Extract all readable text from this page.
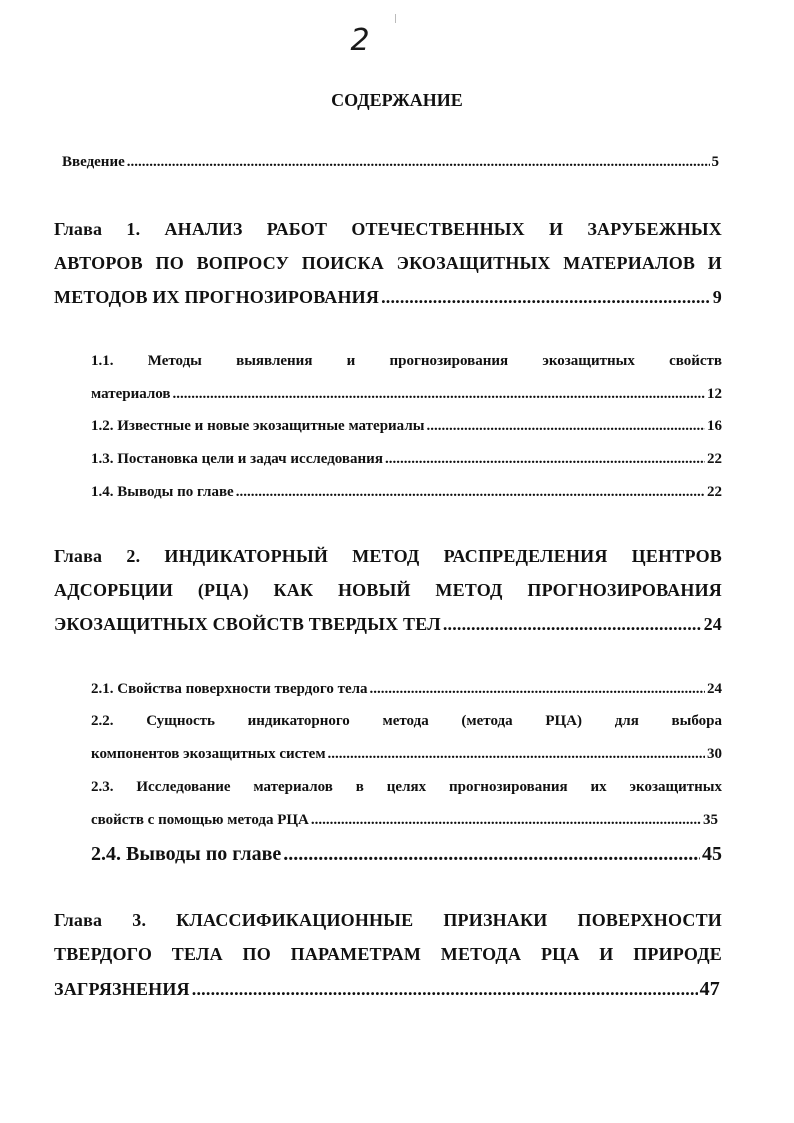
2
СОДЕРЖАНИЕ
Введение .....	5
Глава 1. АНАЛИЗ РАБОТ ОТЕЧЕСТВЕННЫХ И ЗАРУБЕЖНЫХ
АВТОРОВ ПО ВОПРОСУ ПОИСКА ЭКОЗАЩИТНЫХ МАТЕРИАЛОВ И
МЕТОДОВ ИХ ПРОГНОЗИРОВАНИЯ .....	9
1.1. Методы выявления и прогнозирования экозащитных свойств
материалов .....	12
1.2. Известные и новые экозащитные материалы .....	16
1.3. Постановка цели и задач исследования .....	22
1.4. Выводы по главе .....	22
Глава 2. ИНДИКАТОРНЫЙ МЕТОД РАСПРЕДЕЛЕНИЯ ЦЕНТРОВ
АДСОРБЦИИ (РЦА) КАК НОВЫЙ МЕТОД ПРОГНОЗИРОВАНИЯ
ЭКОЗАЩИТНЫХ СВОЙСТВ ТВЕРДЫХ ТЕЛ .....	24
2.1. Свойства поверхности твердого тела .....	24
2.2. Сущность индикаторного метода (метода РЦА) для выбора
компонентов экозащитных систем .....	30
2.3. Исследование материалов в целях прогнозирования их экозащитных
свойств с помощью метода РЦА .....	35
2.4. Выводы по главе .....	45
Глава 3. КЛАССИФИКАЦИОННЫЕ ПРИЗНАКИ ПОВЕРХНОСТИ
ТВЕРДОГО ТЕЛА ПО ПАРАМЕТРАМ МЕТОДА РЦА И ПРИРОДЕ
ЗАГРЯЗНЕНИЯ .....	47
